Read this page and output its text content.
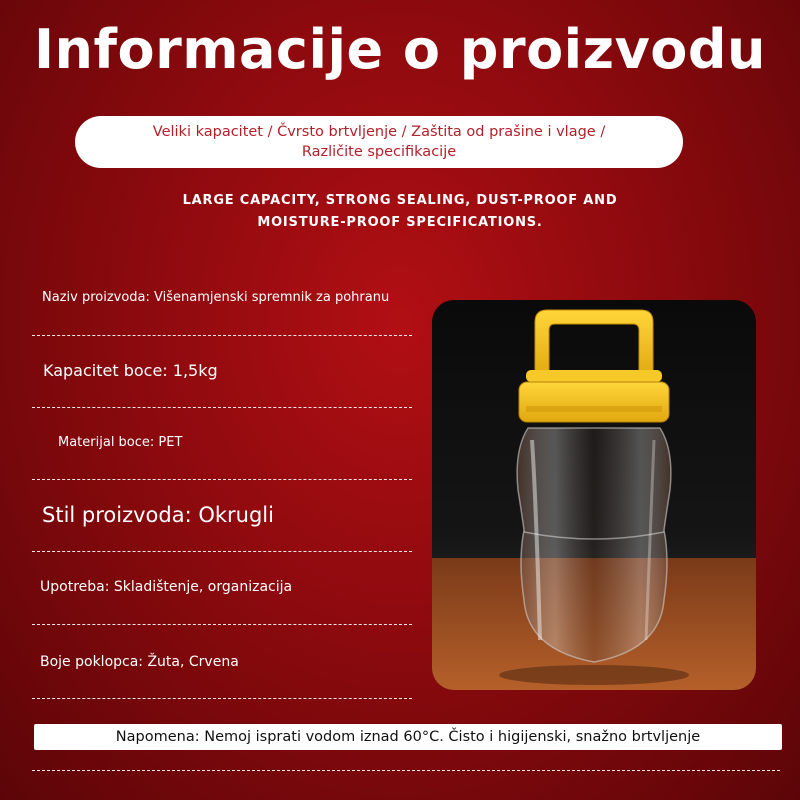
Informacije o proizvodu
Veliki kapacitet / Čvrsto brtvljenje / Zaštita od prašine i vlage /
Različite specifikacije
LARGE CAPACITY, STRONG SEALING, DUST-PROOF AND
MOISTURE-PROOF SPECIFICATIONS.
Naziv proizvoda: Višenamjenski spremnik za pohranu
Kapacitet boce: 1,5kg
Materijal boce: PET
Stil proizvoda: Okrugli
Upotreba: Skladištenje, organizacija
Boje poklopca: Žuta, Crvena
Napomena: Nemoj isprati vodom iznad 60°C. Čisto i higijenski, snažno brtvljenje
